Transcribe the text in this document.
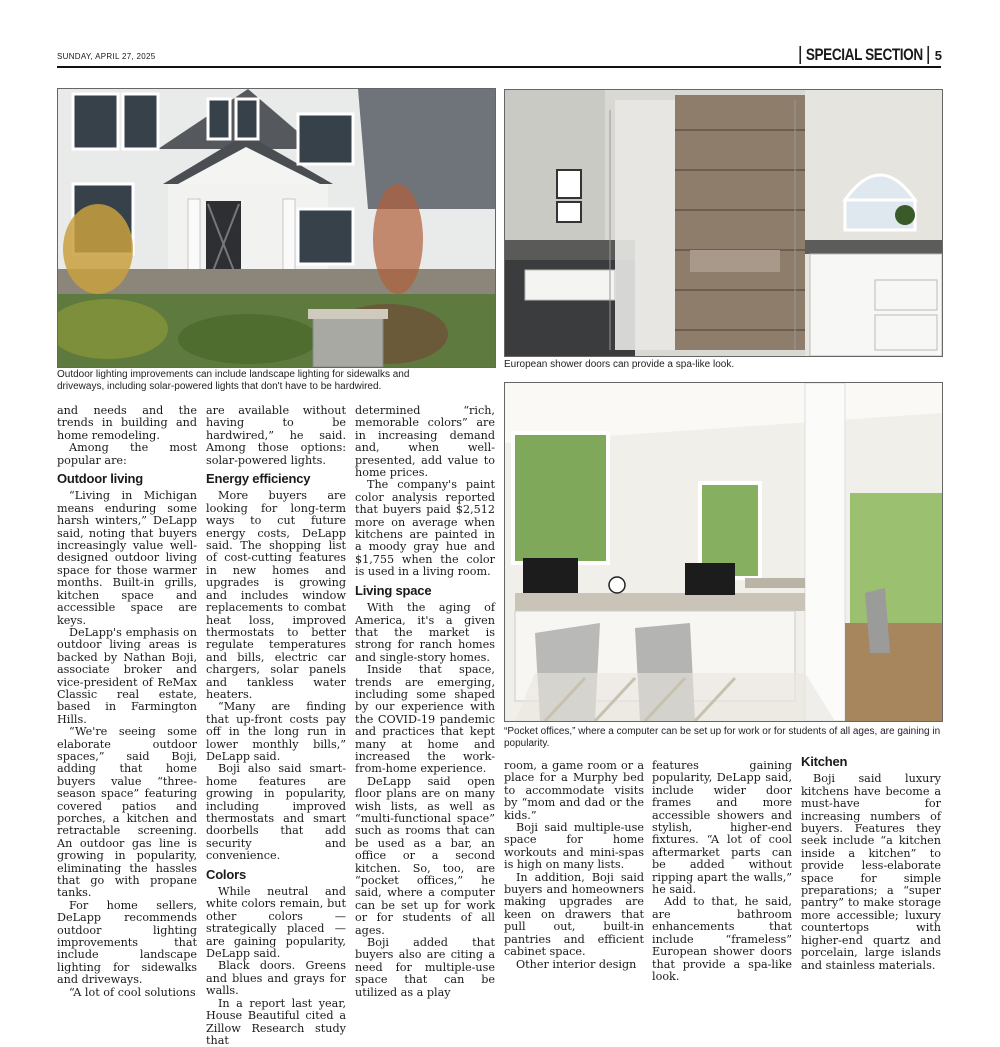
SUNDAY, APRIL 27, 2025	SPECIAL SECTION 5
Outdoor lighting improvements can include landscape lighting for sidewalks and driveways, including solar-powered lights that don't have to be hardwired.
European shower doors can provide a spa-like look.
“Pocket offices,” where a computer can be set up for work or for students of all ages, are gaining in popularity.

and needs and the trends in building and home remodeling.

Among the most popular are:

Outdoor living

“Living in Michigan means enduring some harsh winters,” DeLapp said, noting that buyers increasingly value well-designed outdoor living space for those warmer months. Built-in grills, kitchen space and accessible space are keys.

DeLapp's emphasis on outdoor living areas is backed by Nathan Boji, associate broker and vice-president of ReMax Classic real estate, based in Farmington Hills.

“We're seeing some elaborate outdoor spaces,” said Boji, adding that home buyers value “three-season space” featuring covered patios and porches, a kitchen and retractable screening. An outdoor gas line is growing in popularity, eliminating the hassles that go with propane tanks.

For home sellers, DeLapp recommends outdoor lighting improvements that include landscape lighting for sidewalks and driveways.

“A lot of cool solutions

are available without having to be hardwired,” he said. Among those options: solar-powered lights.

Energy efficiency

More buyers are looking for long-term ways to cut future energy costs, DeLapp said. The shopping list of cost-cutting features in new homes and upgrades is growing and includes window replacements to combat heat loss, improved thermostats to better regulate temperatures and bills, electric car chargers, solar panels and tankless water heaters.

“Many are finding that up-front costs pay off in the long run in lower monthly bills,” DeLapp said.

Boji also said smart-home features are growing in popularity, including improved thermostats and smart doorbells that add security and convenience.

Colors

While neutral and white colors remain, but other colors — strategically placed — are gaining popularity, DeLapp said.

Black doors. Greens and blues and grays for walls.

In a report last year, House Beautiful cited a Zillow Research study that

determined “rich, memorable colors” are in increasing demand and, when well-presented, add value to home prices.

The company's paint color analysis reported that buyers paid $2,512 more on average when kitchens are painted in a moody gray hue and $1,755 when the color is used in a living room.

Living space

With the aging of America, it's a given that the market is strong for ranch homes and single-story homes.

Inside that space, trends are emerging, including some shaped by our experience with the COVID-19 pandemic and practices that kept many at home and increased the work-from-home experience.

DeLapp said open floor plans are on many wish lists, as well as “multi-functional space” such as rooms that can be used as a bar, an office or a second kitchen. So, too, are “pocket offices,” he said, where a computer can be set up for work or for students of all ages.

Boji added that buyers also are citing a need for multiple-use space that can be utilized as a play

room, a game room or a place for a Murphy bed to accommodate visits by “mom and dad or the kids.”

Boji said multiple-use space for home workouts and mini-spas is high on many lists.

In addition, Boji said buyers and homeowners making upgrades are keen on drawers that pull out, built-in pantries and efficient cabinet space.

Other interior design

features gaining popularity, DeLapp said, include wider door frames and more accessible showers and stylish, higher-end fixtures. “A lot of cool aftermarket parts can be added without ripping apart the walls,” he said.

Add to that, he said, are bathroom enhancements that include “frameless” European shower doors that provide a spa-like look.

Kitchen

Boji said luxury kitchens have become a must-have for increasing numbers of buyers. Features they seek include “a kitchen inside a kitchen” to provide less-elaborate space for simple preparations; a “super pantry” to make storage more accessible; luxury countertops with higher-end quartz and porcelain, large islands and stainless materials.
